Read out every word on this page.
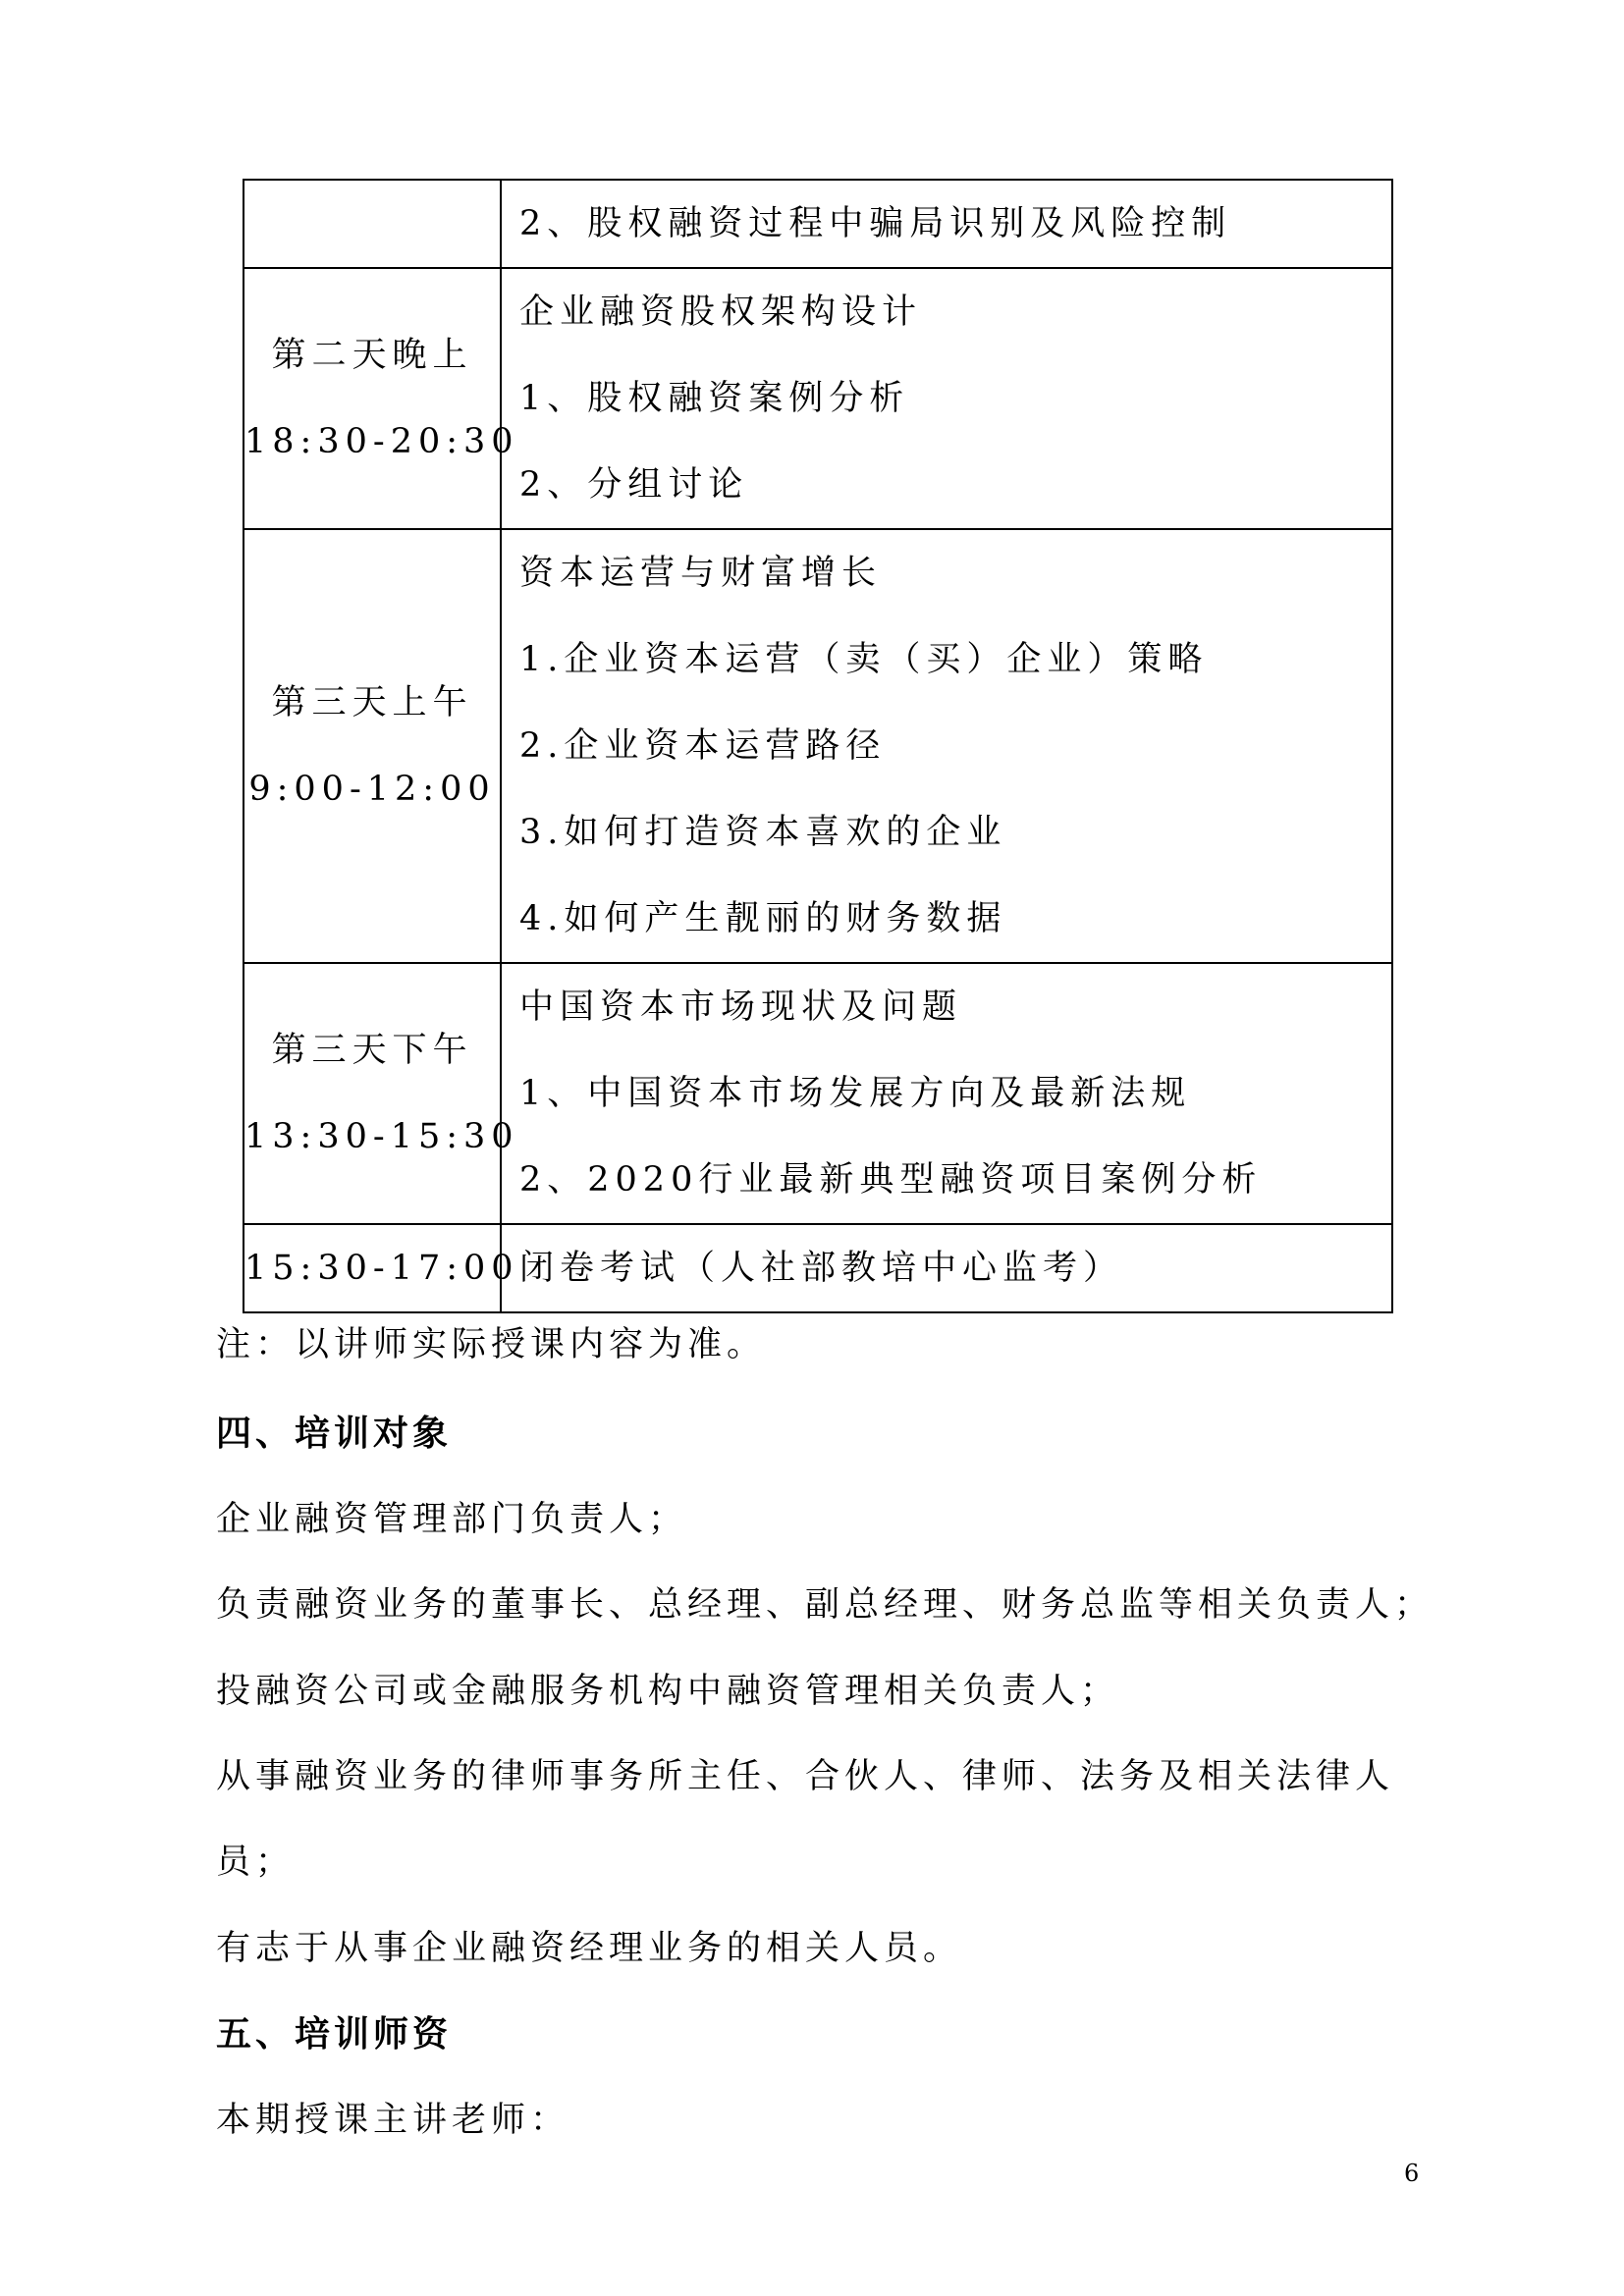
	2、股权融资过程中骗局识别及风险控制

第二天晚上
18:30-20:30	企业融资股权架构设计
1、股权融资案例分析
2、分组讨论

第三天上午
9:00-12:00	资本运营与财富增长
1.企业资本运营（卖（买）企业）策略
2.企业资本运营路径
3.如何打造资本喜欢的企业
4.如何产生靓丽的财务数据

第三天下午
13:30-15:30	中国资本市场现状及问题
1、中国资本市场发展方向及最新法规
2、2020行业最新典型融资项目案例分析

15:30-17:00	闭卷考试（人社部教培中心监考）
注：以讲师实际授课内容为准。
四、培训对象
企业融资管理部门负责人；
负责融资业务的董事长、总经理、副总经理、财务总监等相关负责人；
投融资公司或金融服务机构中融资管理相关负责人；
从事融资业务的律师事务所主任、合伙人、律师、法务及相关法律人
员；
有志于从事企业融资经理业务的相关人员。
五、培训师资
本期授课主讲老师：
6
